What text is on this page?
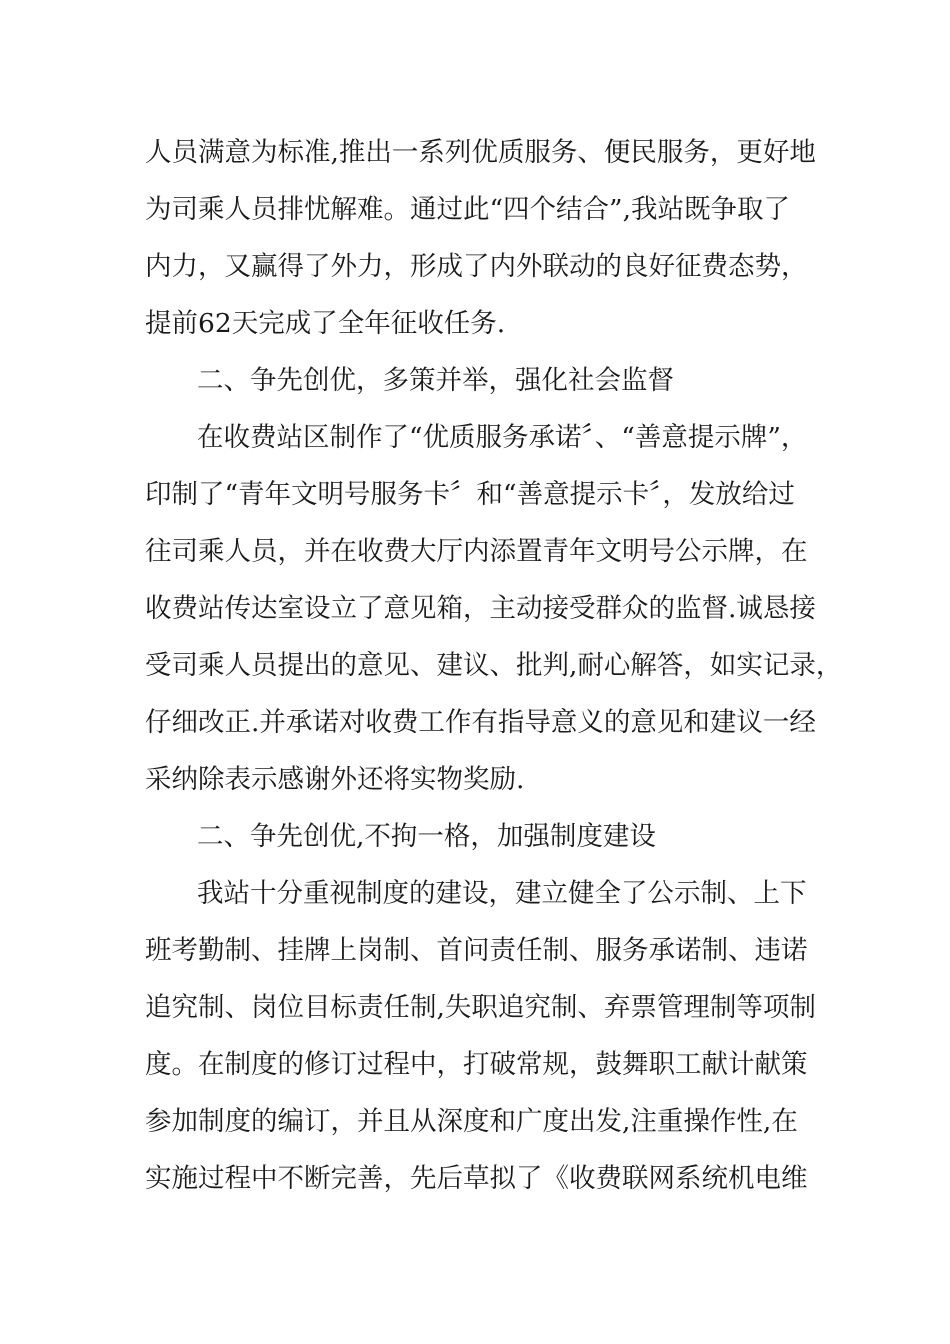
人员满意为标准,推出一系列优质服务、便民服务，更好地
为司乘人员排忧解难。通过此“四个结合”,我站既争取了
内力，又赢得了外力，形成了内外联动的良好征费态势，
提前62天完成了全年征收任务.
二、争先创优，多策并举，强化社会监督
在收费站区制作了“优质服务承诺〞、“善意提示牌”，
印制了“青年文明号服务卡〞和“善意提示卡〞，发放给过
往司乘人员，并在收费大厅内添置青年文明号公示牌，在
收费站传达室设立了意见箱，主动接受群众的监督.诚恳接
受司乘人员提出的意见、建议、批判,耐心解答，如实记录，
仔细改正.并承诺对收费工作有指导意义的意见和建议一经
采纳除表示感谢外还将实物奖励.
二、争先创优,不拘一格，加强制度建设
我站十分重视制度的建设，建立健全了公示制、上下
班考勤制、挂牌上岗制、首问责任制、服务承诺制、违诺
追究制、岗位目标责任制,失职追究制、弃票管理制等项制
度。在制度的修订过程中，打破常规，鼓舞职工献计献策
参加制度的编订，并且从深度和广度出发,注重操作性,在
实施过程中不断完善，先后草拟了《收费联网系统机电维
